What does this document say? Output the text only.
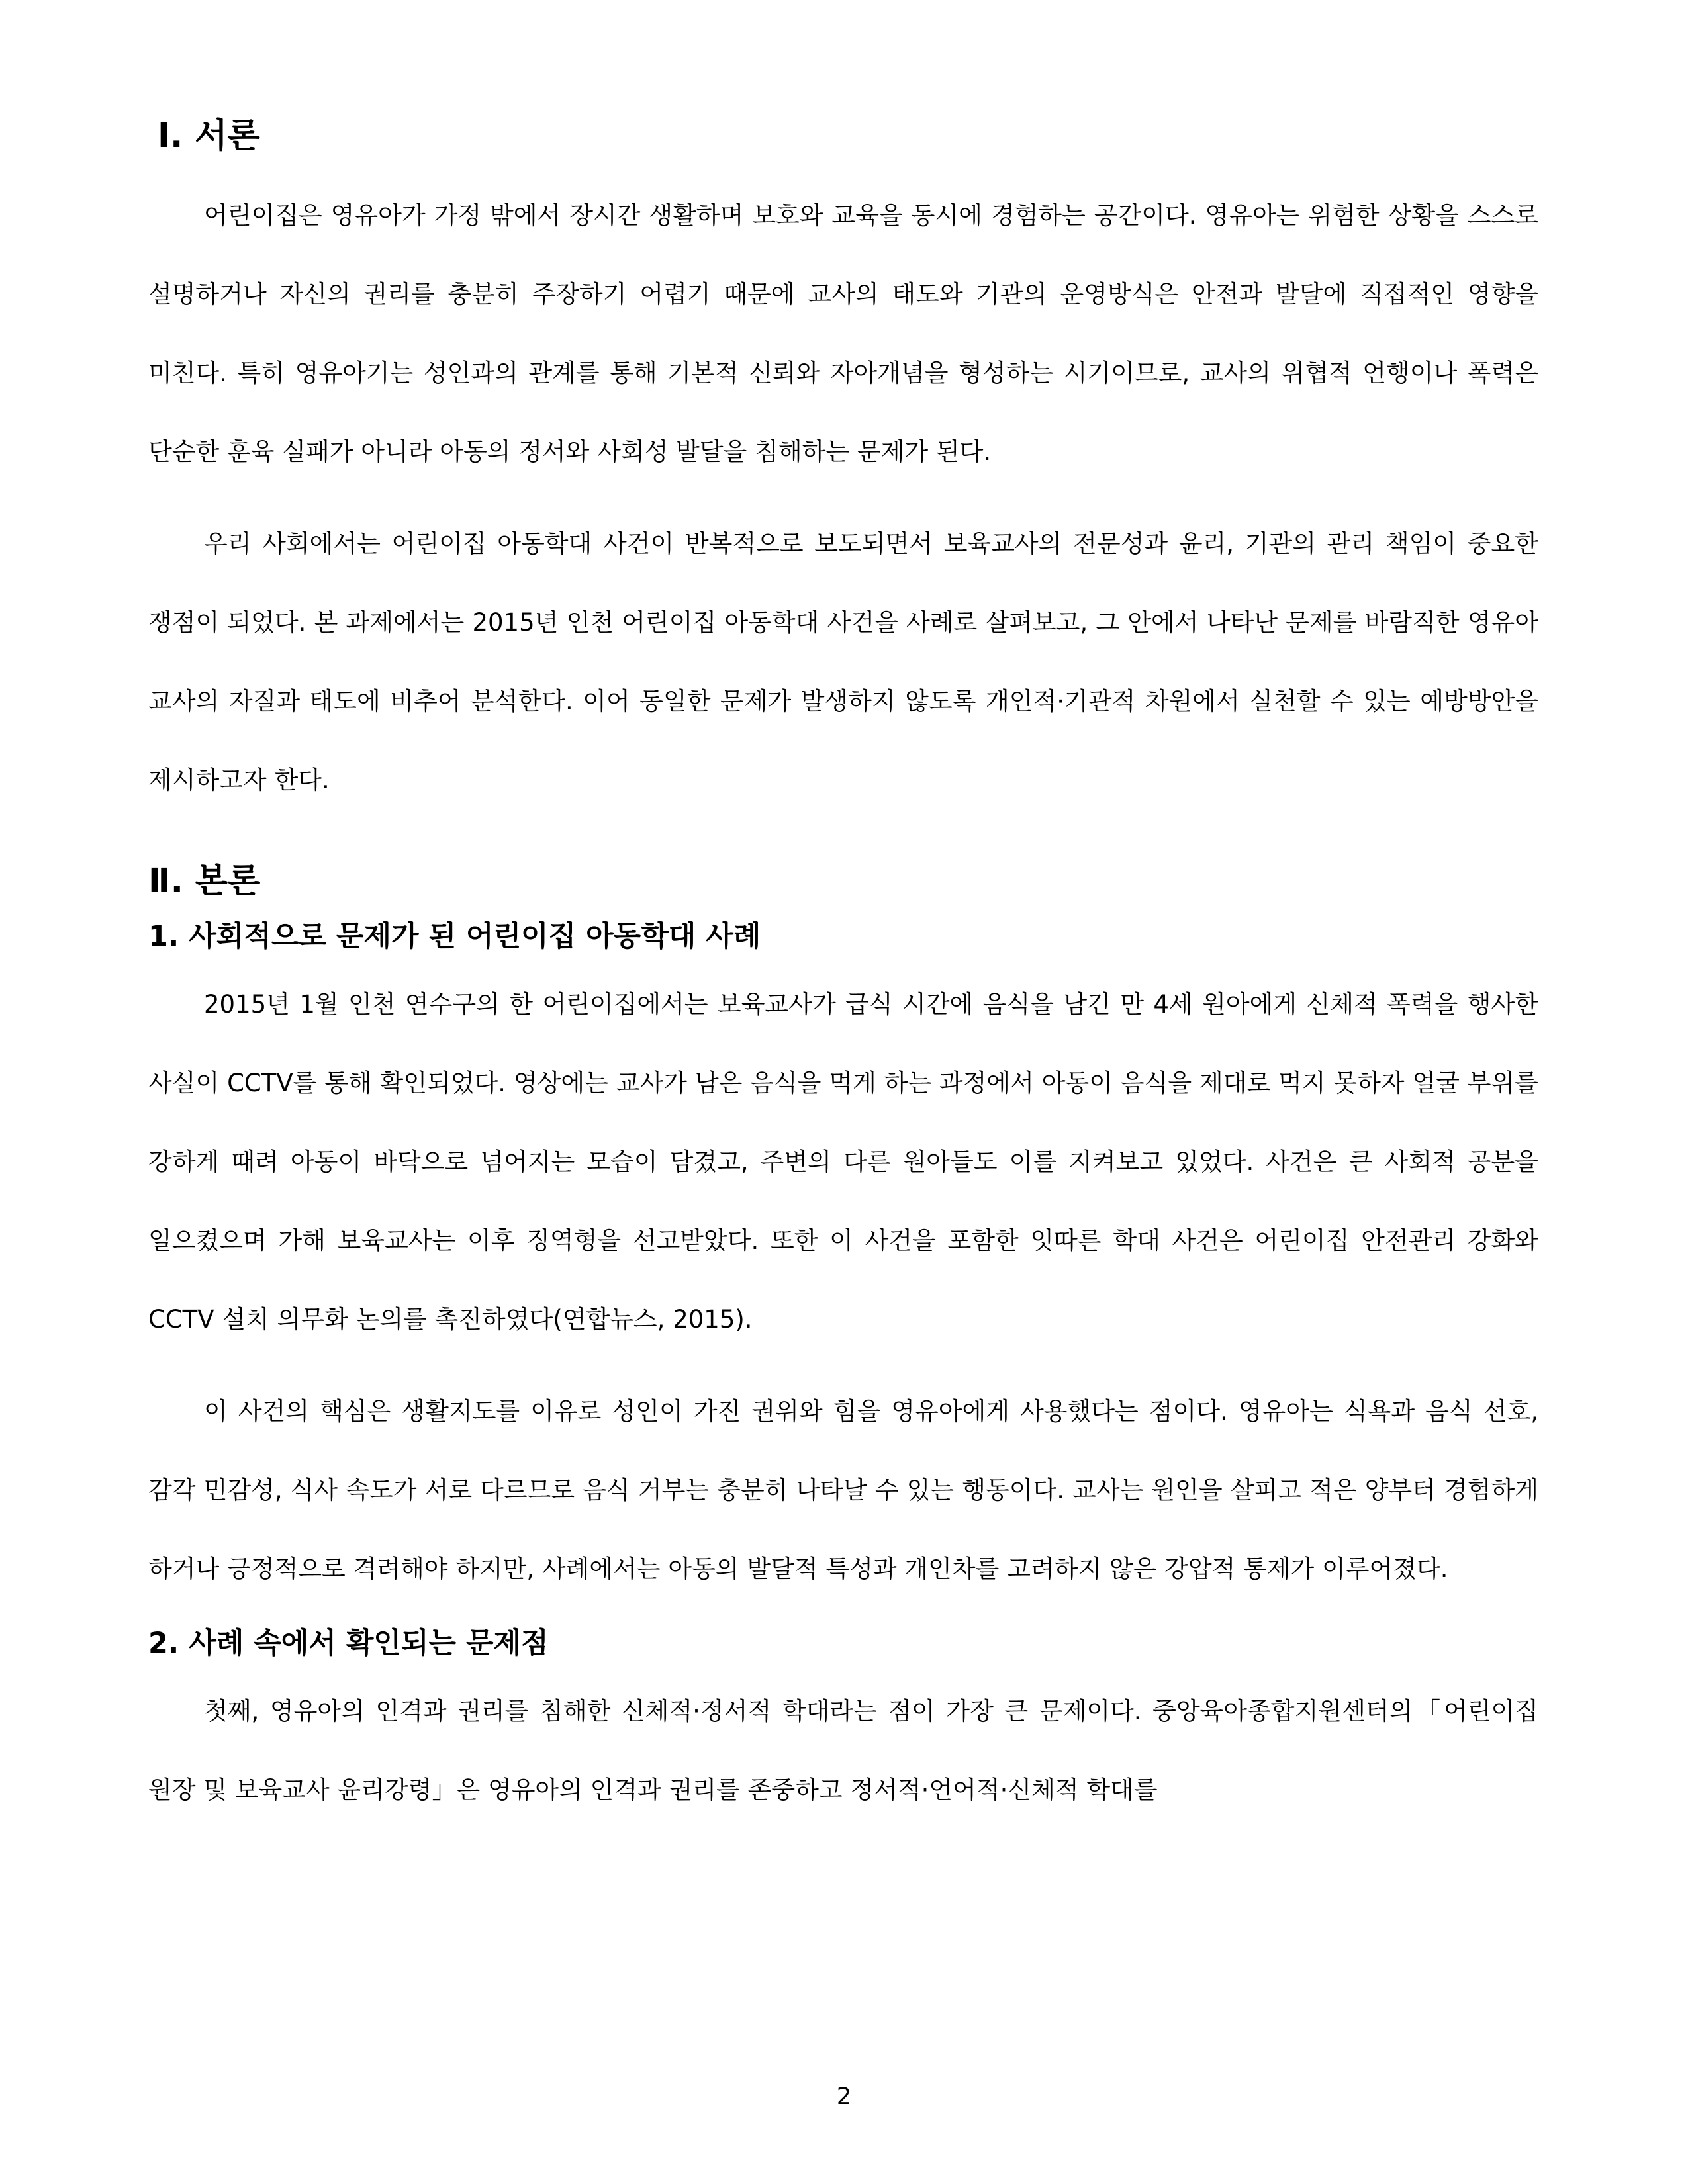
Ⅰ. 서론

어린이집은 영유아가 가정 밖에서 장시간 생활하며 보호와 교육을 동시에 경험하는 공간이다. 영유아는 위험한 상황을 스스로 설명하거나 자신의 권리를 충분히 주장하기 어렵기 때문에 교사의 태도와 기관의 운영방식은 안전과 발달에 직접적인 영향을 미친다. 특히 영유아기는 성인과의 관계를 통해 기본적 신뢰와 자아개념을 형성하는 시기이므로, 교사의 위협적 언행이나 폭력은 단순한 훈육 실패가 아니라 아동의 정서와 사회성 발달을 침해하는 문제가 된다.

우리 사회에서는 어린이집 아동학대 사건이 반복적으로 보도되면서 보육교사의 전문성과 윤리, 기관의 관리 책임이 중요한 쟁점이 되었다. 본 과제에서는 2015년 인천 어린이집 아동학대 사건을 사례로 살펴보고, 그 안에서 나타난 문제를 바람직한 영유아 교사의 자질과 태도에 비추어 분석한다. 이어 동일한 문제가 발생하지 않도록 개인적·기관적 차원에서 실천할 수 있는 예방방안을 제시하고자 한다.

Ⅱ. 본론
1. 사회적으로 문제가 된 어린이집 아동학대 사례

2015년 1월 인천 연수구의 한 어린이집에서는 보육교사가 급식 시간에 음식을 남긴 만 4세 원아에게 신체적 폭력을 행사한 사실이 CCTV를 통해 확인되었다. 영상에는 교사가 남은 음식을 먹게 하는 과정에서 아동이 음식을 제대로 먹지 못하자 얼굴 부위를 강하게 때려 아동이 바닥으로 넘어지는 모습이 담겼고, 주변의 다른 원아들도 이를 지켜보고 있었다. 사건은 큰 사회적 공분을 일으켰으며 가해 보육교사는 이후 징역형을 선고받았다. 또한 이 사건을 포함한 잇따른 학대 사건은 어린이집 안전관리 강화와 CCTV 설치 의무화 논의를 촉진하였다(연합뉴스, 2015).

이 사건의 핵심은 생활지도를 이유로 성인이 가진 권위와 힘을 영유아에게 사용했다는 점이다. 영유아는 식욕과 음식 선호, 감각 민감성, 식사 속도가 서로 다르므로 음식 거부는 충분히 나타날 수 있는 행동이다. 교사는 원인을 살피고 적은 양부터 경험하게 하거나 긍정적으로 격려해야 하지만, 사례에서는 아동의 발달적 특성과 개인차를 고려하지 않은 강압적 통제가 이루어졌다.

2. 사례 속에서 확인되는 문제점

첫째, 영유아의 인격과 권리를 침해한 신체적·정서적 학대라는 점이 가장 큰 문제이다. 중앙육아종합지원센터의「어린이집 원장 및 보육교사 윤리강령」은 영유아의 인격과 권리를 존중하고 정서적·언어적·신체적 학대를

2
